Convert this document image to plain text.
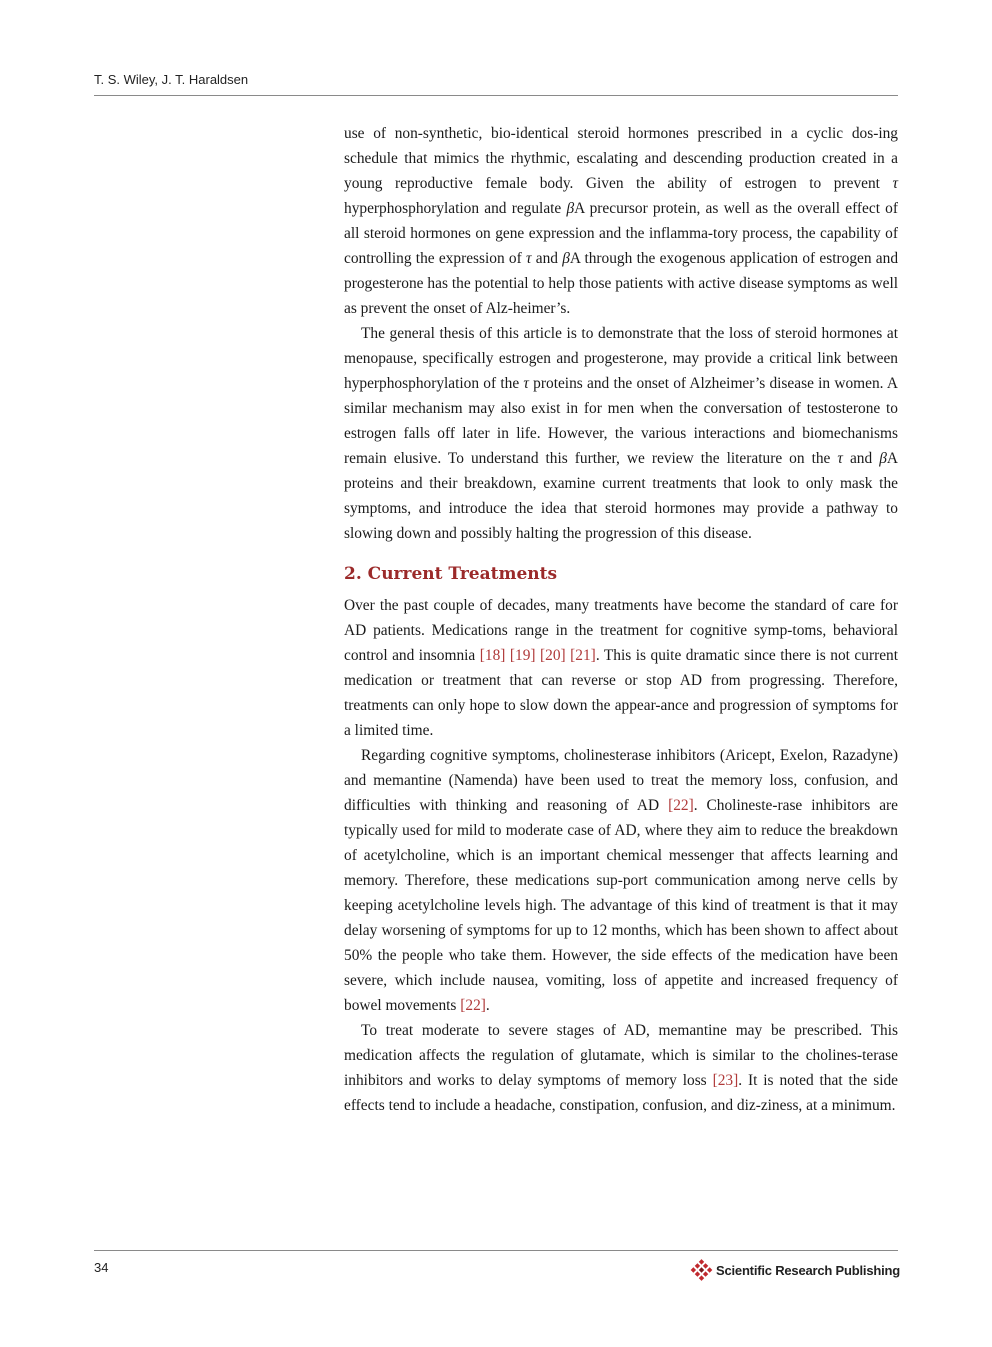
T. S. Wiley, J. T. Haraldsen

use of non-synthetic, bio-identical steroid hormones prescribed in a cyclic dos-ing schedule that mimics the rhythmic, escalating and descending production created in a young reproductive female body. Given the ability of estrogen to prevent τ hyperphosphorylation and regulate βA precursor protein, as well as the overall effect of all steroid hormones on gene expression and the inflamma-tory process, the capability of controlling the expression of τ and βA through the exogenous application of estrogen and progesterone has the potential to help those patients with active disease symptoms as well as prevent the onset of Alz-heimer’s.

The general thesis of this article is to demonstrate that the loss of steroid hormones at menopause, specifically estrogen and progesterone, may provide a critical link between hyperphosphorylation of the τ proteins and the onset of Alzheimer’s disease in women. A similar mechanism may also exist in for men when the conversation of testosterone to estrogen falls off later in life. However, the various interactions and biomechanisms remain elusive. To understand this further, we review the literature on the τ and βA proteins and their breakdown, examine current treatments that look to only mask the symptoms, and introduce the idea that steroid hormones may provide a pathway to slowing down and possibly halting the progression of this disease.

2. Current Treatments

Over the past couple of decades, many treatments have become the standard of care for AD patients. Medications range in the treatment for cognitive symp-toms, behavioral control and insomnia [18] [19] [20] [21]. This is quite dramatic since there is not current medication or treatment that can reverse or stop AD from progressing. Therefore, treatments can only hope to slow down the appear-ance and progression of symptoms for a limited time.

Regarding cognitive symptoms, cholinesterase inhibitors (Aricept, Exelon, Razadyne) and memantine (Namenda) have been used to treat the memory loss, confusion, and difficulties with thinking and reasoning of AD [22]. Cholineste-rase inhibitors are typically used for mild to moderate case of AD, where they aim to reduce the breakdown of acetylcholine, which is an important chemical messenger that affects learning and memory. Therefore, these medications sup-port communication among nerve cells by keeping acetylcholine levels high. The advantage of this kind of treatment is that it may delay worsening of symptoms for up to 12 months, which has been shown to affect about 50% the people who take them. However, the side effects of the medication have been severe, which include nausea, vomiting, loss of appetite and increased frequency of bowel movements [22].

To treat moderate to severe stages of AD, memantine may be prescribed. This medication affects the regulation of glutamate, which is similar to the cholines-terase inhibitors and works to delay symptoms of memory loss [23]. It is noted that the side effects tend to include a headache, constipation, confusion, and diz-ziness, at a minimum.

34	Scientific Research Publishing
